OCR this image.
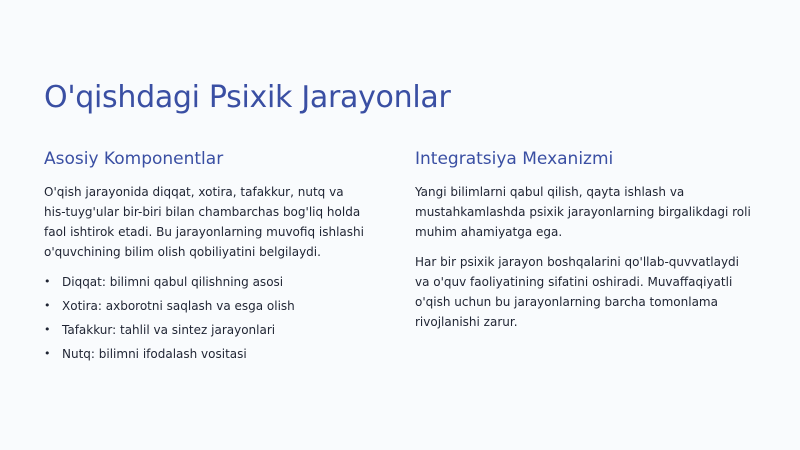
O'qishdagi Psixik Jarayonlar
Asosiy Komponentlar

O'qish jarayonida diqqat, xotira, tafakkur, nutq va his-tuyg'ular bir-biri bilan chambarchas bog'liq holda faol ishtirok etadi. Bu jarayonlarning muvofiq ishlashi o'quvchining bilim olish qobiliyatini belgilaydi.

• Diqqat: bilimni qabul qilishning asosi
• Xotira: axborotni saqlash va esga olish
• Tafakkur: tahlil va sintez jarayonlari
• Nutq: bilimni ifodalash vositasi
Integratsiya Mexanizmi

Yangi bilimlarni qabul qilish, qayta ishlash va mustahkamlashda psixik jarayonlarning birgalikdagi roli muhim ahamiyatga ega.

Har bir psixik jarayon boshqalarini qo'llab-quvvatlaydi va o'quv faoliyatining sifatini oshiradi. Muvaffaqiyatli o'qish uchun bu jarayonlarning barcha tomonlama rivojlanishi zarur.
